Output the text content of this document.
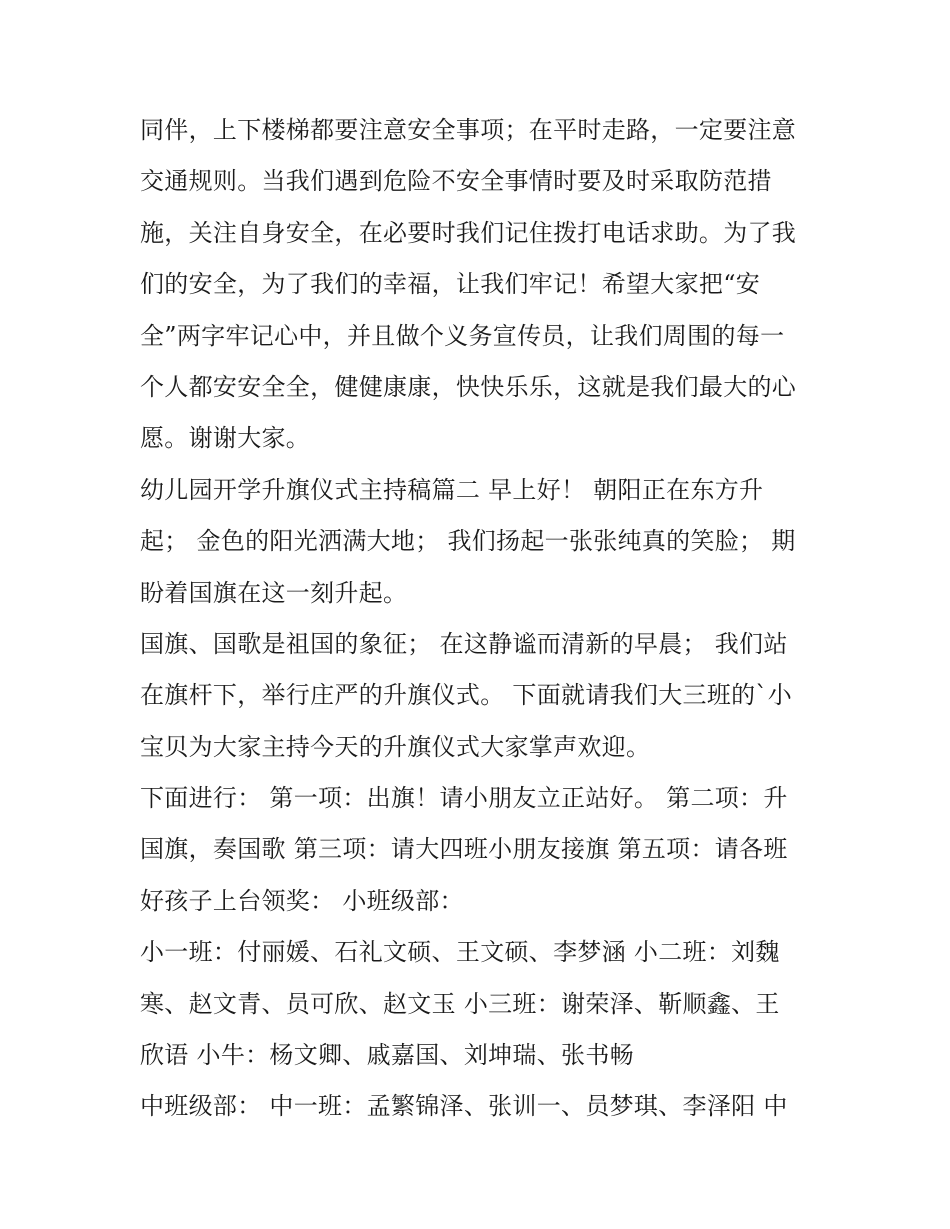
同伴，上下楼梯都要注意安全事项；在平时走路，一定要注意
交通规则。当我们遇到危险不安全事情时要及时采取防范措
施，关注自身安全，在必要时我们记住拨打电话求助。为了我
们的安全，为了我们的幸福，让我们牢记！希望大家把“安
全”两字牢记心中，并且做个义务宣传员，让我们周围的每一
个人都安安全全，健健康康，快快乐乐，这就是我们最大的心
愿。谢谢大家。
幼儿园开学升旗仪式主持稿篇二 早上好！ 朝阳正在东方升
起； 金色的阳光洒满大地； 我们扬起一张张纯真的笑脸； 期
盼着国旗在这一刻升起。
国旗、国歌是祖国的象征； 在这静谧而清新的早晨； 我们站
在旗杆下，举行庄严的升旗仪式。 下面就请我们大三班的`小
宝贝为大家主持今天的升旗仪式大家掌声欢迎。
下面进行： 第一项：出旗！请小朋友立正站好。 第二项：升
国旗，奏国歌 第三项：请大四班小朋友接旗 第五项：请各班
好孩子上台领奖： 小班级部：
小一班：付丽媛、石礼文硕、王文硕、李梦涵 小二班：刘魏
寒、赵文青、员可欣、赵文玉 小三班：谢荣泽、靳顺鑫、王
欣语 小牛：杨文卿、戚嘉国、刘坤瑞、张书畅
中班级部： 中一班：孟繁锦泽、张训一、员梦琪、李泽阳 中
